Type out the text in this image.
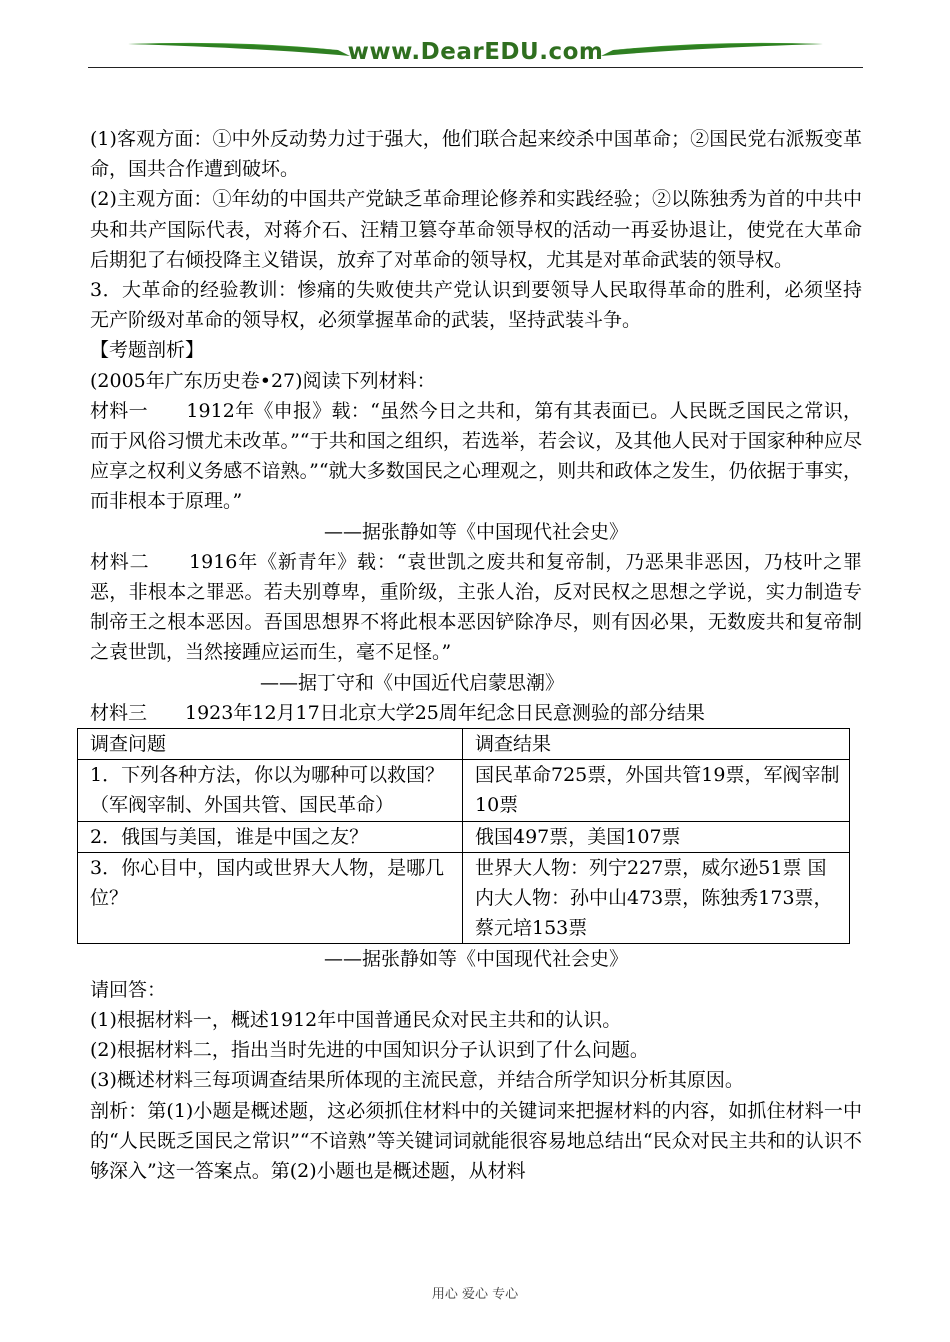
www.DearEDU.com

(1)客观方面：①中外反动势力过于强大，他们联合起来绞杀中国革命；②国民党右派叛变革命，国共合作遭到破坏。

(2)主观方面：①年幼的中国共产党缺乏革命理论修养和实践经验；②以陈独秀为首的中共中央和共产国际代表，对蒋介石、汪精卫篡夺革命领导权的活动一再妥协退让，使党在大革命后期犯了右倾投降主义错误，放弃了对革命的领导权，尤其是对革命武装的领导权。

3．大革命的经验教训：惨痛的失败使共产党认识到要领导人民取得革命的胜利，必须坚持无产阶级对革命的领导权，必须掌握革命的武装，坚持武装斗争。

【考题剖析】

(2005年广东历史卷•27)阅读下列材料：

材料一　　1912年《申报》载：“虽然今日之共和，第有其表面已。人民既乏国民之常识，而于风俗习惯尤未改革。”“于共和国之组织，若选举，若会议，及其他人民对于国家种种应尽应享之权利义务感不谙熟。”“就大多数国民之心理观之，则共和政体之发生，仍依据于事实，而非根本于原理。”

——据张静如等《中国现代社会史》

材料二　　1916年《新青年》载：“袁世凯之废共和复帝制，乃恶果非恶因，乃枝叶之罪恶，非根本之罪恶。若夫别尊卑，重阶级，主张人治，反对民权之思想之学说，实力制造专制帝王之根本恶因。吾国思想界不将此根本恶因铲除净尽，则有因必果，无数废共和复帝制之袁世凯，当然接踵应运而生，毫不足怪。”

——据丁守和《中国近代启蒙思潮》

材料三　　1923年12月17日北京大学25周年纪念日民意测验的部分结果

调查问题	调查结果
1．下列各种方法，你以为哪种可以救国？（军阀宰制、外国共管、国民革命）	国民革命725票，外国共管19票，军阀宰制10票
2．俄国与美国，谁是中国之友？	俄国497票，美国107票
3．你心目中，国内或世界大人物，是哪几位？	世界大人物：列宁227票，威尔逊51票 国内大人物：孙中山473票，陈独秀173票，蔡元培153票

——据张静如等《中国现代社会史》

请回答：

(1)根据材料一，概述1912年中国普通民众对民主共和的认识。

(2)根据材料二，指出当时先进的中国知识分子认识到了什么问题。

(3)概述材料三每项调查结果所体现的主流民意，并结合所学知识分析其原因。

剖析：第(1)小题是概述题，这必须抓住材料中的关键词来把握材料的内容，如抓住材料一中的“人民既乏国民之常识”“不谙熟”等关键词词就能很容易地总结出“民众对民主共和的认识不够深入”这一答案点。第(2)小题也是概述题，从材料

用心 爱心 专心
